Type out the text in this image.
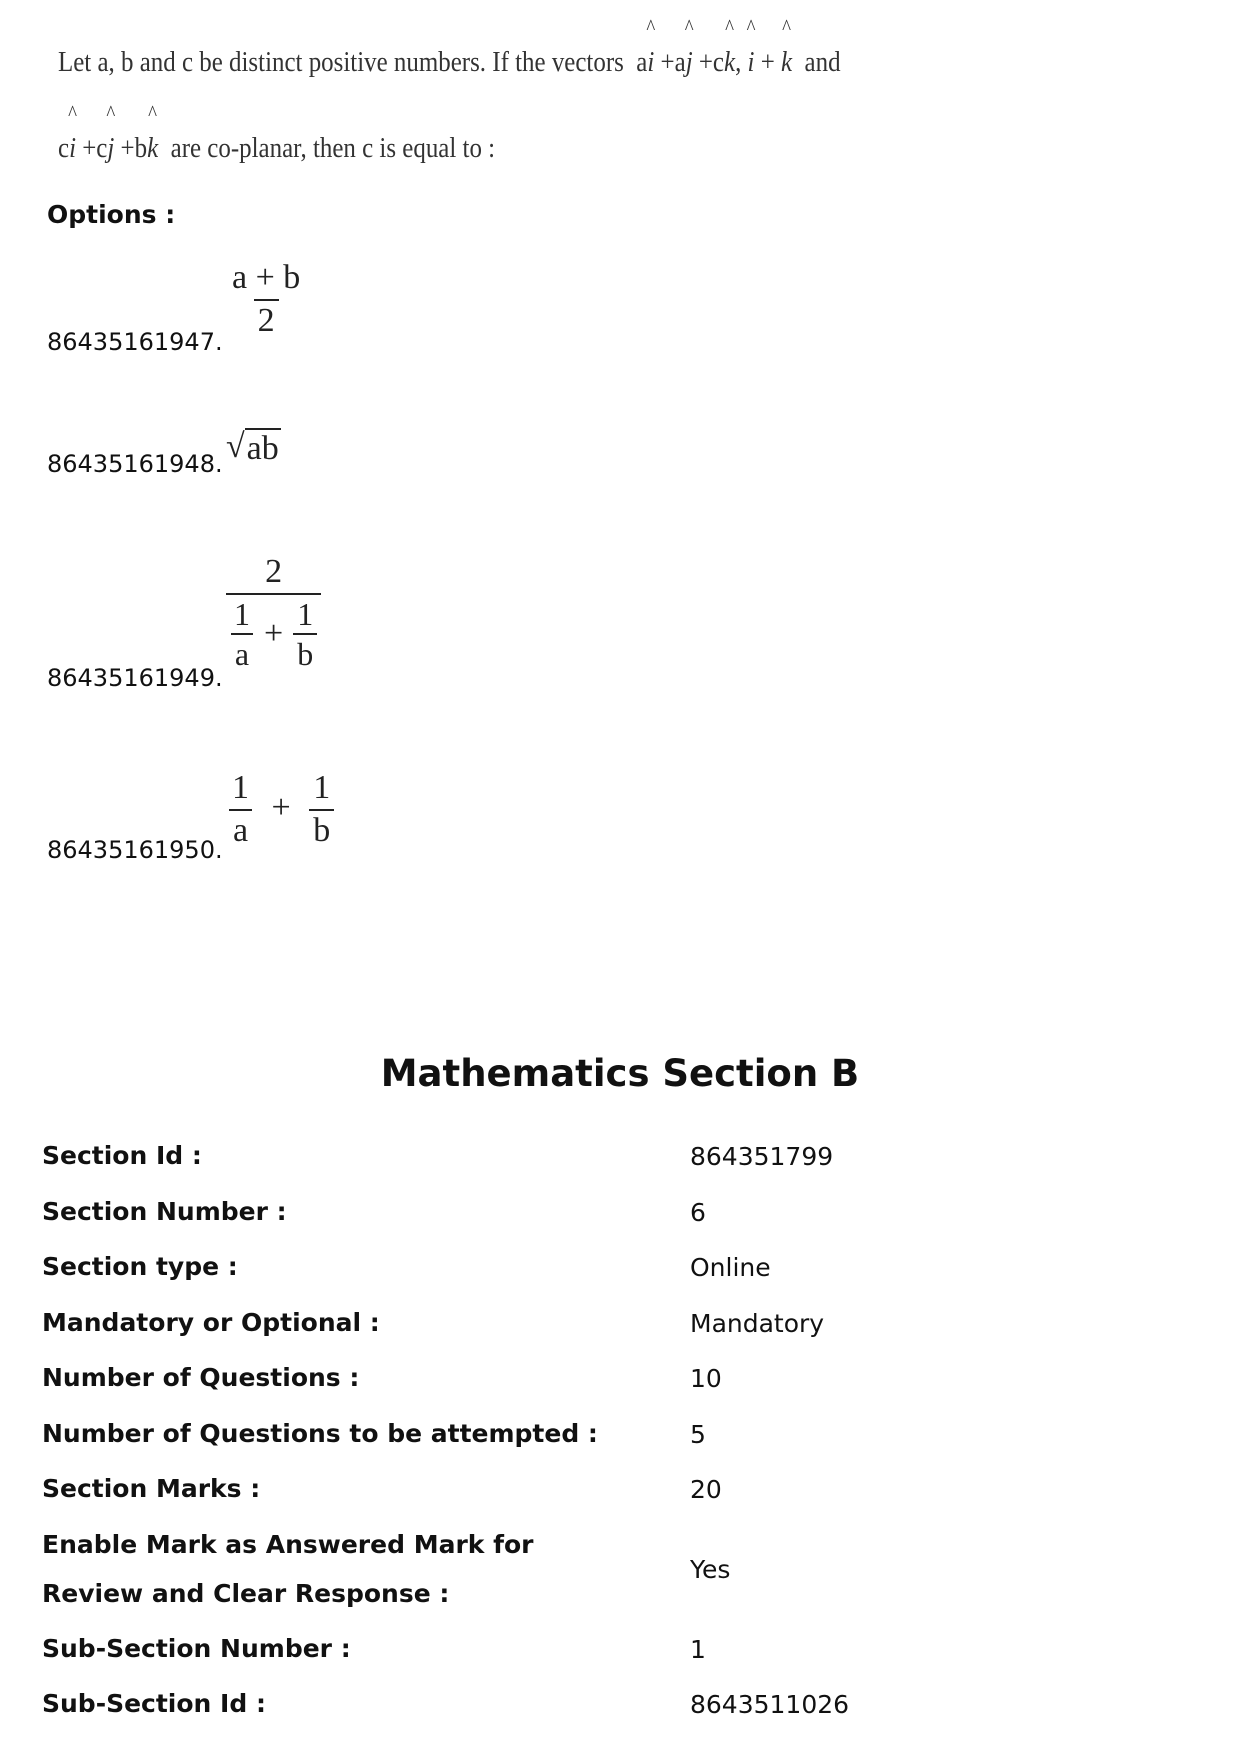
Let a, b and c be distinct positive numbers. If the vectors a
^
i +a
^
j +c
^
k,
^
i +
^
k and
c
^
i +c
^
j +b
^
k are co-planar, then c is equal to :
Options :
86435161947.
$\frac{a + b}{2}$
86435161948. √ ab
86435161949.
$\frac{2}{\frac{1}{a} + \frac{1}{b}}$
86435161950. $\frac{1}{a} + \frac{1}{b}$
Mathematics Section B
Section Id :	864351799
Section Number :	6
Section type :	Online
Mandatory or Optional :	Mandatory
Number of Questions :	10
Number of Questions to be attempted :	5
Section Marks :	20
Enable Mark as Answered Mark for Review and Clear Response :
Yes
Sub-Section Number :	1
Sub-Section Id :	8643511026
